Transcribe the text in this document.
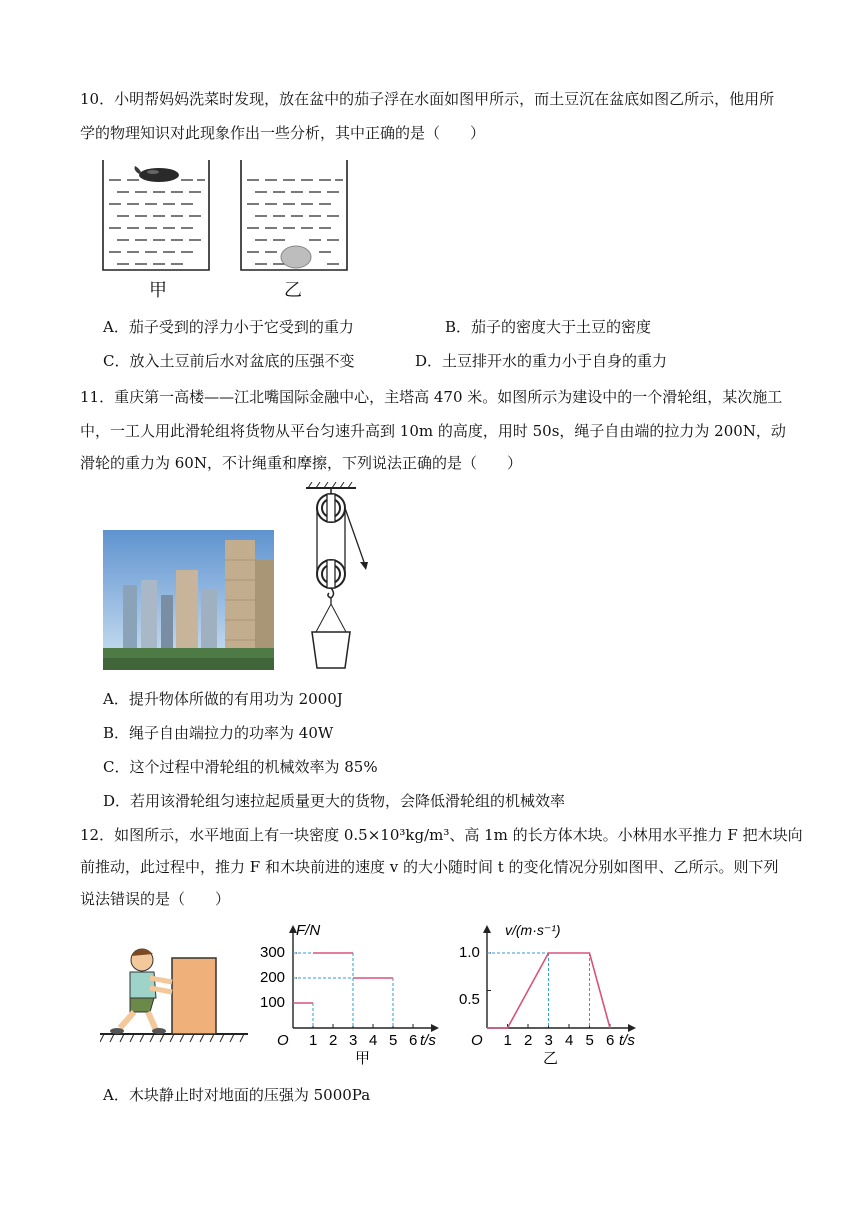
10．小明帮妈妈洗菜时发现，放在盆中的茄子浮在水面如图甲所示，而土豆沉在盆底如图乙所示，他用所
学的物理知识对此现象作出一些分析，其中正确的是（　　）
甲	乙
A．茄子受到的浮力小于它受到的重力	B．茄子的密度大于土豆的密度
C．放入土豆前后水对盆底的压强不变	D．土豆排开水的重力小于自身的重力
11．重庆第一高楼——江北嘴国际金融中心，主塔高 470 米。如图所示为建设中的一个滑轮组，某次施工
中，一工人用此滑轮组将货物从平台匀速升高到 10m 的高度，用时 50s，绳子自由端的拉力为 200N，动
滑轮的重力为 60N，不计绳重和摩擦，下列说法正确的是（　　）
A．提升物体所做的有用功为 2000J
B．绳子自由端拉力的功率为 40W
C．这个过程中滑轮组的机械效率为 85%
D．若用该滑轮组匀速拉起质量更大的货物，会降低滑轮组的机械效率
12．如图所示，水平地面上有一块密度 0.5×10³kg/m³、高 1m 的长方体木块。小林用水平推力 F 把木块向
前推动，此过程中，推力 F 和木块前进的速度 v 的大小随时间 t 的变化情况分别如图甲、乙所示。则下列
说法错误的是（　　）
F/N
O	t/s
甲
100
200
300
1 2 3 4 5 6
v/(m·s⁻¹)
O	t/s
乙
0.5
1.0
1 2 3 4 5 6
A．木块静止时对地面的压强为 5000Pa
